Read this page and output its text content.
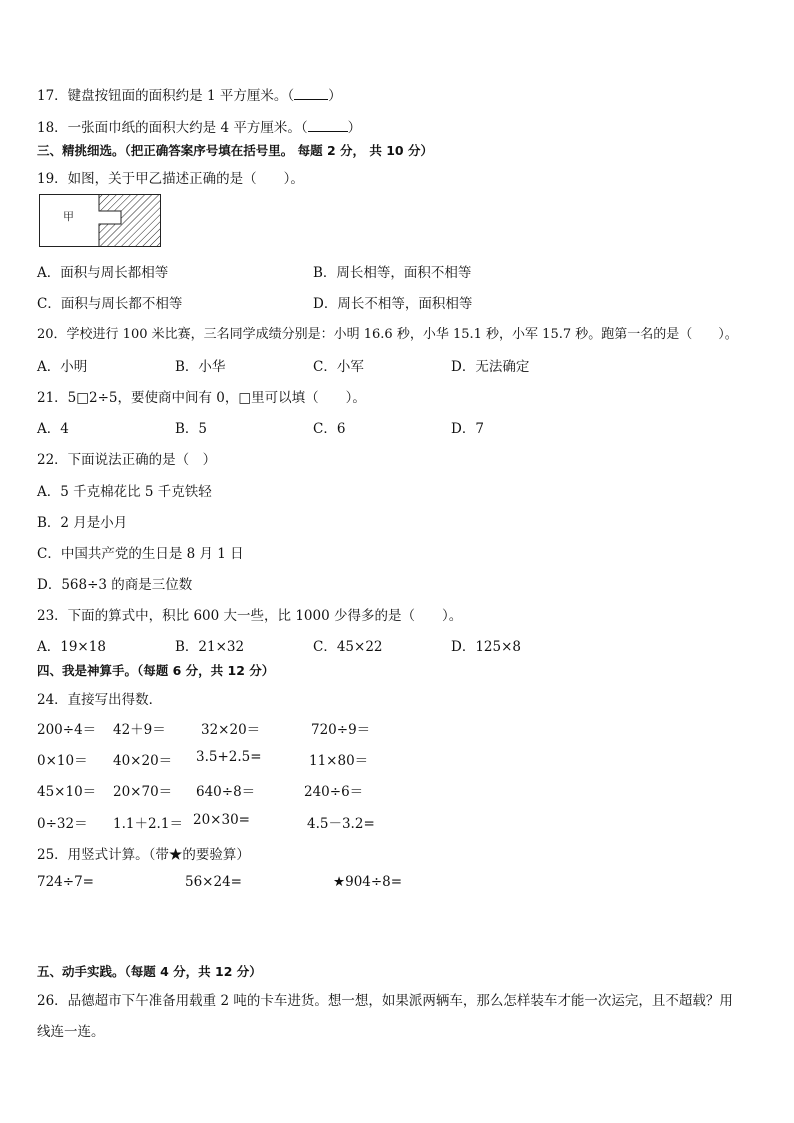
17．键盘按钮面的面积约是 1 平方厘米。（	）
18．一张面巾纸的面积大约是 4 平方厘米。（	）
三、精挑细选。（把正确答案序号填在括号里。 每题 2 分， 共 10 分）
19．如图，关于甲乙描述正确的是（　　）。
甲
A．面积与周长都相等	B．周长相等，面积不相等
C．面积与周长都不相等	D．周长不相等，面积相等
20．学校进行 100 米比赛，三名同学成绩分别是：小明 16.6 秒，小华 15.1 秒，小军 15.7 秒。跑第一名的是（　　）。
A．小明	B．小华	C．小军	D．无法确定
21．5□2÷5，要使商中间有 0，□里可以填（　　）。
A．4	B．5	C．6	D．7
22．下面说法正确的是（　）
A．5 千克棉花比 5 千克铁轻
B．2 月是小月
C．中国共产党的生日是 8 月 1 日
D．568÷3 的商是三位数
23．下面的算式中，积比 600 大一些，比 1000 少得多的是（　　）。
A．19×18	B．21×32	C．45×22	D．125×8
四、我是神算手。（每题 6 分，共 12 分）
24．直接写出得数．
200÷4＝ 42＋9＝	32×20＝	720÷9＝
0×10＝ 40×20＝ 3.5+2.5=	11×80＝
45×10＝ 20×70＝ 640÷8＝	240÷6＝
0÷32＝ 1.1＋2.1＝ 20×30=	4.5－3.2=
25．用竖式计算。（带★的要验算）
724÷7=	56×24=	★904÷8=
五、动手实践。（每题 4 分，共 12 分）
26．品德超市下午准备用载重 2 吨的卡车进货。想一想，如果派两辆车，那么怎样装车才能一次运完，且不超载？用
线连一连。
